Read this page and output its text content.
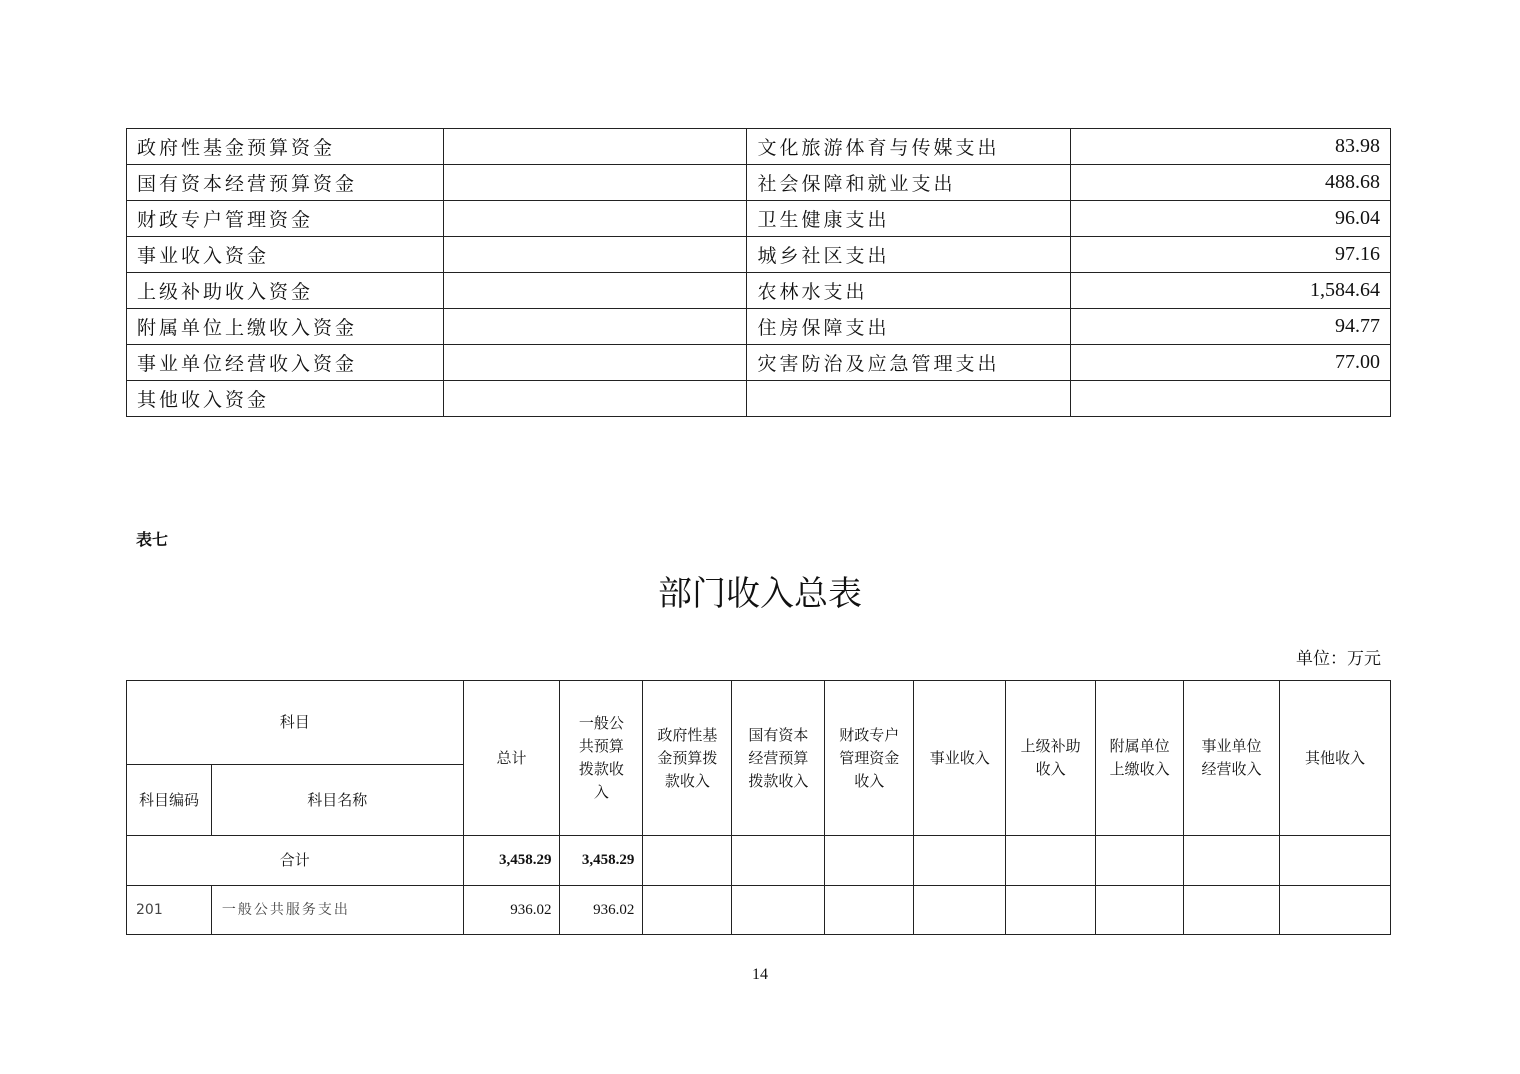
政府性基金预算资金		文化旅游体育与传媒支出	83.98
国有资本经营预算资金		社会保障和就业支出	488.68
财政专户管理资金		卫生健康支出	96.04
事业收入资金		城乡社区支出	97.16
上级补助收入资金		农林水支出	1,584.64
附属单位上缴收入资金		住房保障支出	94.77
事业单位经营收入资金		灾害防治及应急管理支出	77.00
其他收入资金			
表七
部门收入总表
单位：万元
科目		总计	一般公共预算拨款收入	政府性基金预算拨款收入	国有资本经营预算拨款收入	财政专户管理资金收入	事业收入	上级补助收入	附属单位上缴收入	事业单位经营收入	其他收入
科目编码	科目名称										
合计		3,458.29	3,458.29								
201	一般公共服务支出	936.02	936.02								
14
